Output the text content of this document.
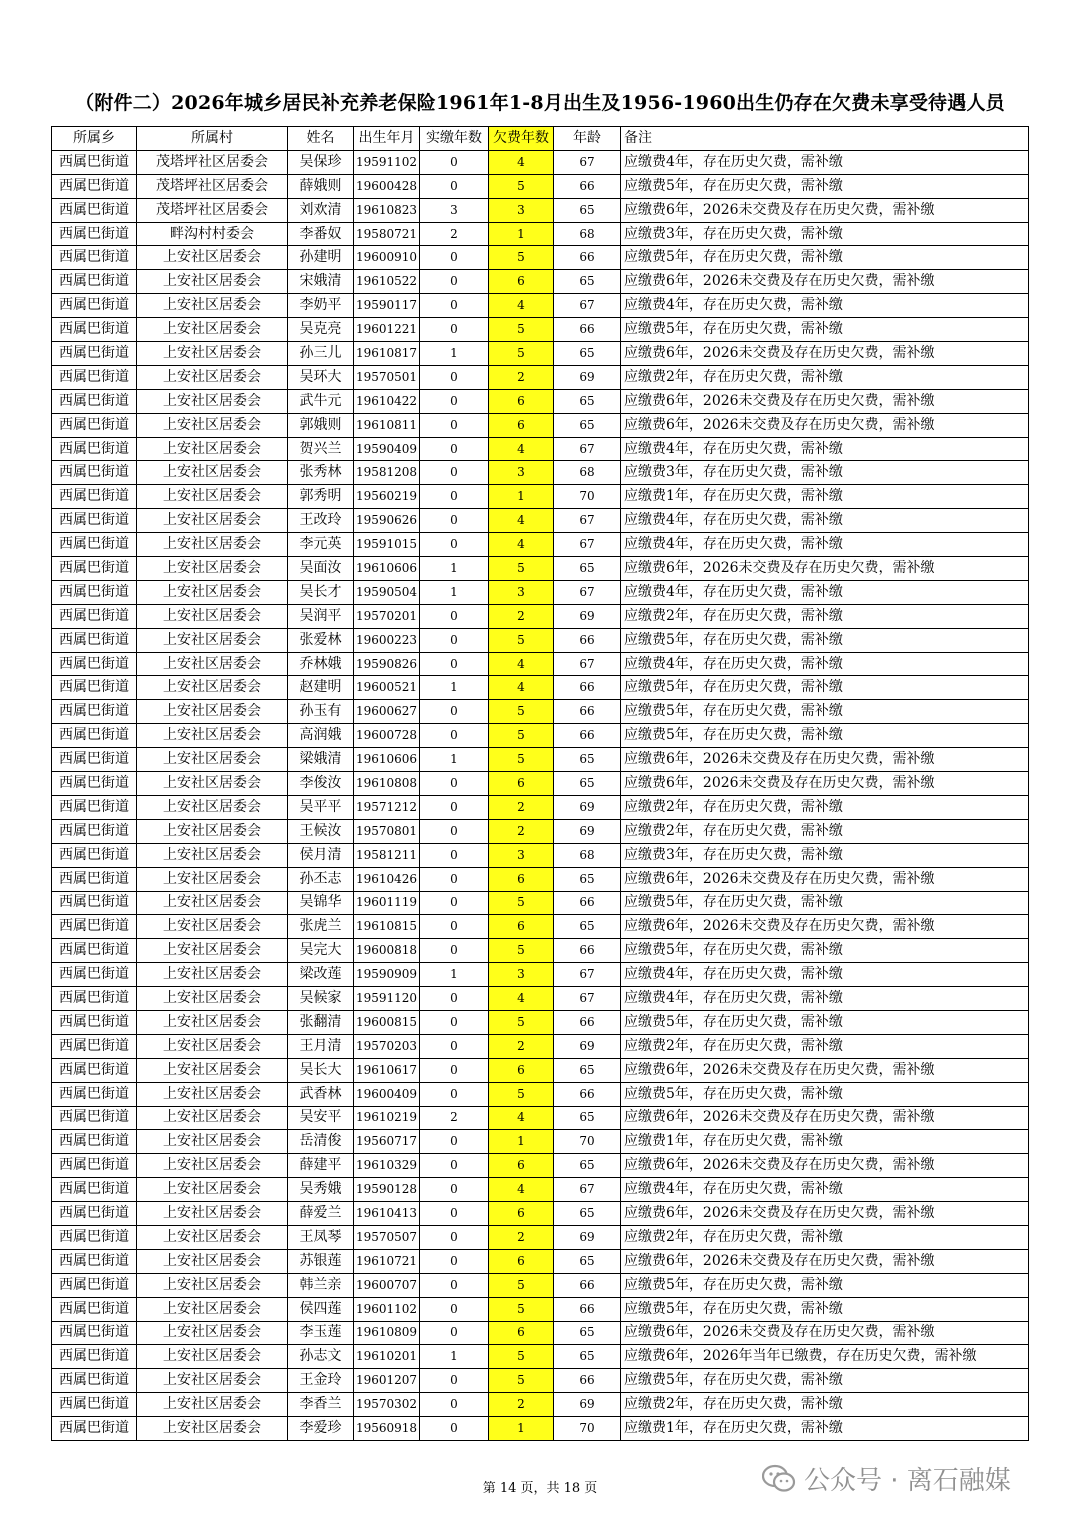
（附件二）2026年城乡居民补充养老保险1961年1-8月出生及1956-1960出生仍存在欠费未享受待遇人员
所属乡	所属村	姓名	出生年月	实缴年数	欠费年数	年龄	备注
西属巴街道	茂塔坪社区居委会	吴保珍	19591102	0	4	67	应缴费4年，存在历史欠费，需补缴
西属巴街道	茂塔坪社区居委会	薛娥则	19600428	0	5	66	应缴费5年，存在历史欠费，需补缴
西属巴街道	茂塔坪社区居委会	刘欢清	19610823	3	3	65	应缴费6年，2026未交费及存在历史欠费，需补缴
西属巴街道	畔沟村村委会	李番奴	19580721	2	1	68	应缴费3年，存在历史欠费，需补缴
西属巴街道	上安社区居委会	孙建明	19600910	0	5	66	应缴费5年，存在历史欠费，需补缴
西属巴街道	上安社区居委会	宋娥清	19610522	0	6	65	应缴费6年，2026未交费及存在历史欠费，需补缴
西属巴街道	上安社区居委会	李奶平	19590117	0	4	67	应缴费4年，存在历史欠费，需补缴
西属巴街道	上安社区居委会	吴克亮	19601221	0	5	66	应缴费5年，存在历史欠费，需补缴
西属巴街道	上安社区居委会	孙三儿	19610817	1	5	65	应缴费6年，2026未交费及存在历史欠费，需补缴
西属巴街道	上安社区居委会	吴环大	19570501	0	2	69	应缴费2年，存在历史欠费，需补缴
西属巴街道	上安社区居委会	武牛元	19610422	0	6	65	应缴费6年，2026未交费及存在历史欠费，需补缴
西属巴街道	上安社区居委会	郭娥则	19610811	0	6	65	应缴费6年，2026未交费及存在历史欠费，需补缴
西属巴街道	上安社区居委会	贺兴兰	19590409	0	4	67	应缴费4年，存在历史欠费，需补缴
西属巴街道	上安社区居委会	张秀林	19581208	0	3	68	应缴费3年，存在历史欠费，需补缴
西属巴街道	上安社区居委会	郭秀明	19560219	0	1	70	应缴费1年，存在历史欠费，需补缴
西属巴街道	上安社区居委会	王改玲	19590626	0	4	67	应缴费4年，存在历史欠费，需补缴
西属巴街道	上安社区居委会	李元英	19591015	0	4	67	应缴费4年，存在历史欠费，需补缴
西属巴街道	上安社区居委会	吴面汝	19610606	1	5	65	应缴费6年，2026未交费及存在历史欠费，需补缴
西属巴街道	上安社区居委会	吴长才	19590504	1	3	67	应缴费4年，存在历史欠费，需补缴
西属巴街道	上安社区居委会	吴润平	19570201	0	2	69	应缴费2年，存在历史欠费，需补缴
西属巴街道	上安社区居委会	张爱林	19600223	0	5	66	应缴费5年，存在历史欠费，需补缴
西属巴街道	上安社区居委会	乔林娥	19590826	0	4	67	应缴费4年，存在历史欠费，需补缴
西属巴街道	上安社区居委会	赵建明	19600521	1	4	66	应缴费5年，存在历史欠费，需补缴
西属巴街道	上安社区居委会	孙玉有	19600627	0	5	66	应缴费5年，存在历史欠费，需补缴
西属巴街道	上安社区居委会	高润娥	19600728	0	5	66	应缴费5年，存在历史欠费，需补缴
西属巴街道	上安社区居委会	梁娥清	19610606	1	5	65	应缴费6年，2026未交费及存在历史欠费，需补缴
西属巴街道	上安社区居委会	李俊汝	19610808	0	6	65	应缴费6年，2026未交费及存在历史欠费，需补缴
西属巴街道	上安社区居委会	吴平平	19571212	0	2	69	应缴费2年，存在历史欠费，需补缴
西属巴街道	上安社区居委会	王候汝	19570801	0	2	69	应缴费2年，存在历史欠费，需补缴
西属巴街道	上安社区居委会	侯月清	19581211	0	3	68	应缴费3年，存在历史欠费，需补缴
西属巴街道	上安社区居委会	孙丕志	19610426	0	6	65	应缴费6年，2026未交费及存在历史欠费，需补缴
西属巴街道	上安社区居委会	吴锦华	19601119	0	5	66	应缴费5年，存在历史欠费，需补缴
西属巴街道	上安社区居委会	张虎兰	19610815	0	6	65	应缴费6年，2026未交费及存在历史欠费，需补缴
西属巴街道	上安社区居委会	吴完大	19600818	0	5	66	应缴费5年，存在历史欠费，需补缴
西属巴街道	上安社区居委会	梁改莲	19590909	1	3	67	应缴费4年，存在历史欠费，需补缴
西属巴街道	上安社区居委会	吴候家	19591120	0	4	67	应缴费4年，存在历史欠费，需补缴
西属巴街道	上安社区居委会	张翻清	19600815	0	5	66	应缴费5年，存在历史欠费，需补缴
西属巴街道	上安社区居委会	王月清	19570203	0	2	69	应缴费2年，存在历史欠费，需补缴
西属巴街道	上安社区居委会	吴长大	19610617	0	6	65	应缴费6年，2026未交费及存在历史欠费，需补缴
西属巴街道	上安社区居委会	武香林	19600409	0	5	66	应缴费5年，存在历史欠费，需补缴
西属巴街道	上安社区居委会	吴安平	19610219	2	4	65	应缴费6年，2026未交费及存在历史欠费，需补缴
西属巴街道	上安社区居委会	岳清俊	19560717	0	1	70	应缴费1年，存在历史欠费，需补缴
西属巴街道	上安社区居委会	薛建平	19610329	0	6	65	应缴费6年，2026未交费及存在历史欠费，需补缴
西属巴街道	上安社区居委会	吴秀娥	19590128	0	4	67	应缴费4年，存在历史欠费，需补缴
西属巴街道	上安社区居委会	薛爱兰	19610413	0	6	65	应缴费6年，2026未交费及存在历史欠费，需补缴
西属巴街道	上安社区居委会	王凤琴	19570507	0	2	69	应缴费2年，存在历史欠费，需补缴
西属巴街道	上安社区居委会	苏银莲	19610721	0	6	65	应缴费6年，2026未交费及存在历史欠费，需补缴
西属巴街道	上安社区居委会	韩兰亲	19600707	0	5	66	应缴费5年，存在历史欠费，需补缴
西属巴街道	上安社区居委会	侯四莲	19601102	0	5	66	应缴费5年，存在历史欠费，需补缴
西属巴街道	上安社区居委会	李玉莲	19610809	0	6	65	应缴费6年，2026未交费及存在历史欠费，需补缴
西属巴街道	上安社区居委会	孙志文	19610201	1	5	65	应缴费6年，2026年当年已缴费，存在历史欠费，需补缴
西属巴街道	上安社区居委会	王金玲	19601207	0	5	66	应缴费5年，存在历史欠费，需补缴
西属巴街道	上安社区居委会	李香兰	19570302	0	2	69	应缴费2年，存在历史欠费，需补缴
西属巴街道	上安社区居委会	李爱珍	19560918	0	1	70	应缴费1年，存在历史欠费，需补缴
第 14 页，共 18 页	公众号 · 离石融媒
